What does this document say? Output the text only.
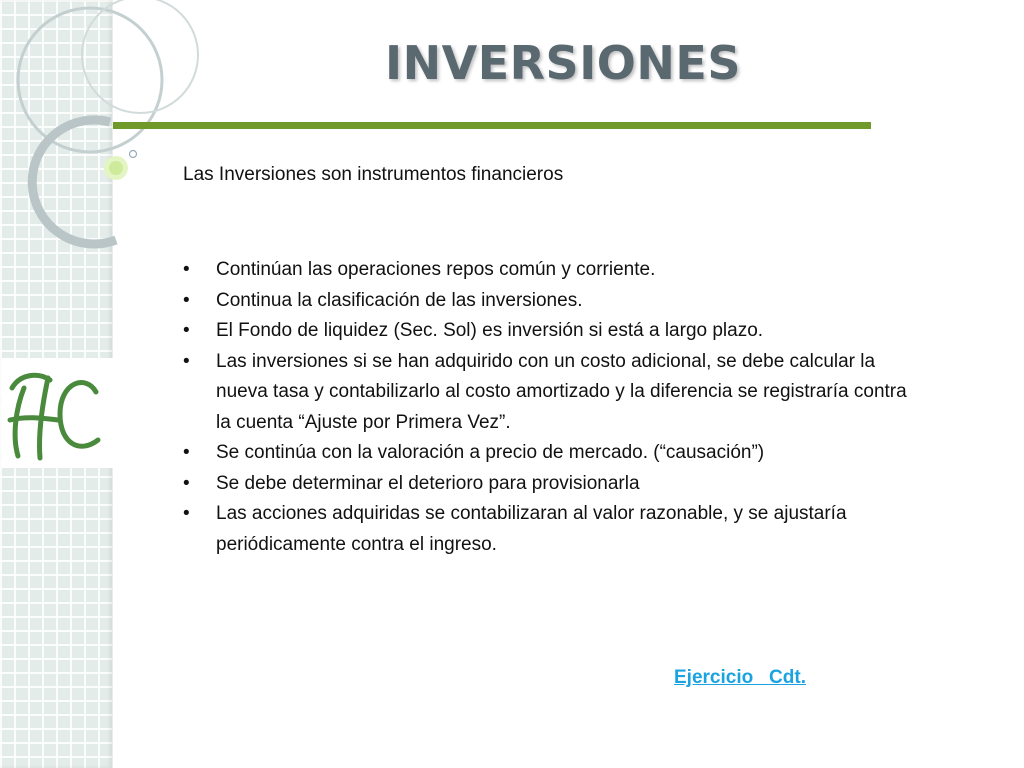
INVERSIONES

Las Inversiones son instrumentos financieros

• Continúan las operaciones repos común y corriente.
• Continua la clasificación de las inversiones.
• El Fondo de liquidez (Sec. Sol) es inversión si está a largo plazo.
• Las inversiones si se han adquirido con un costo adicional, se debe calcular la nueva tasa y contabilizarlo al costo amortizado y la diferencia se registraría contra la cuenta “Ajuste por Primera Vez”.
• Se continúa con la valoración a precio de mercado. (“causación”)
• Se debe determinar el deterioro para provisionarla
• Las acciones adquiridas se contabilizaran al valor razonable, y se ajustaría periódicamente contra el ingreso.
Ejercicio   Cdt.
